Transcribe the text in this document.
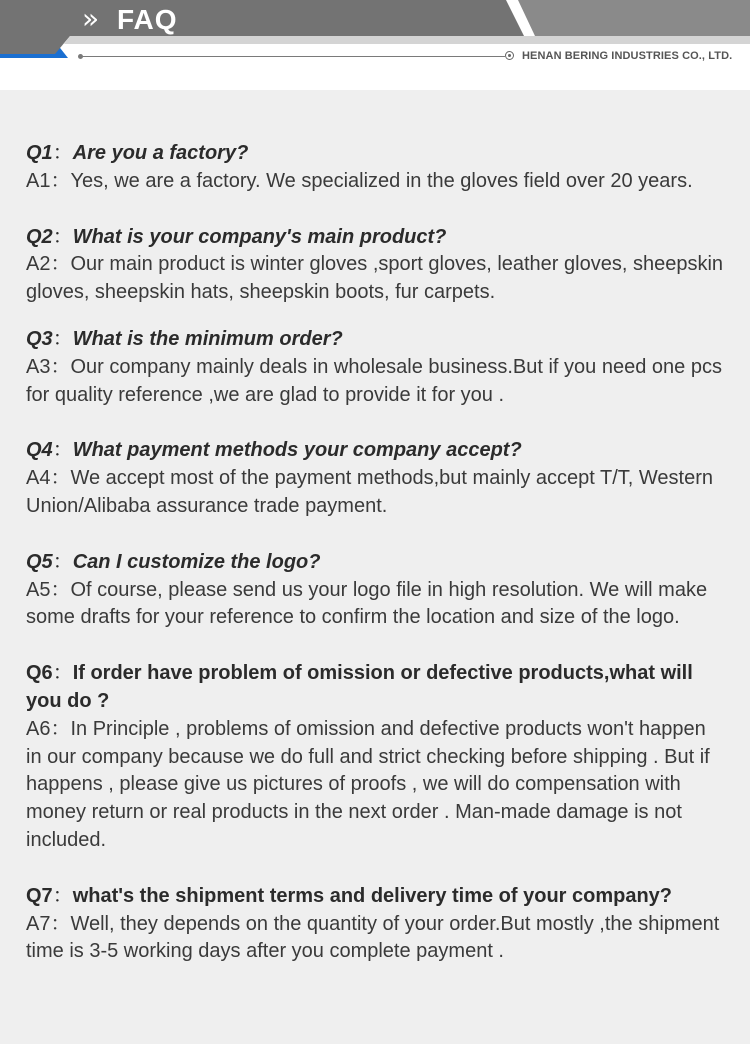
» FAQ
HENAN BERING INDUSTRIES CO., LTD.
Q1：Are you a factory?
A1：Yes, we are a factory. We specialized in the gloves field over 20 years.
Q2：What is your company's main product?
A2：Our main product is winter gloves ,sport gloves, leather gloves, sheepskin gloves, sheepskin hats, sheepskin boots, fur carpets.
Q3：What is the minimum order?
A3：Our company mainly deals in wholesale business.But if you need one pcs for quality reference ,we are glad to provide it for you .
Q4：What payment methods your company accept?
A4：We accept most of the payment methods,but mainly accept T/T, Western Union/Alibaba assurance trade payment.
Q5：Can I customize the logo?
A5：Of course, please send us your logo file in high resolution. We will make some drafts for your reference to confirm the location and size of the logo.
Q6：If order have problem of omission or defective products,what will you do ?
A6：In Principle , problems of omission and defective products won't happen in our company because we do full and strict checking before shipping . But if happens , please give us pictures of proofs , we will do compensation with money return or real products in the next order . Man-made damage is not included.
Q7：what's the shipment terms and delivery time of your company?
A7：Well, they depends on the quantity of your order.But mostly ,the shipment time is 3-5 working days after you complete payment .
